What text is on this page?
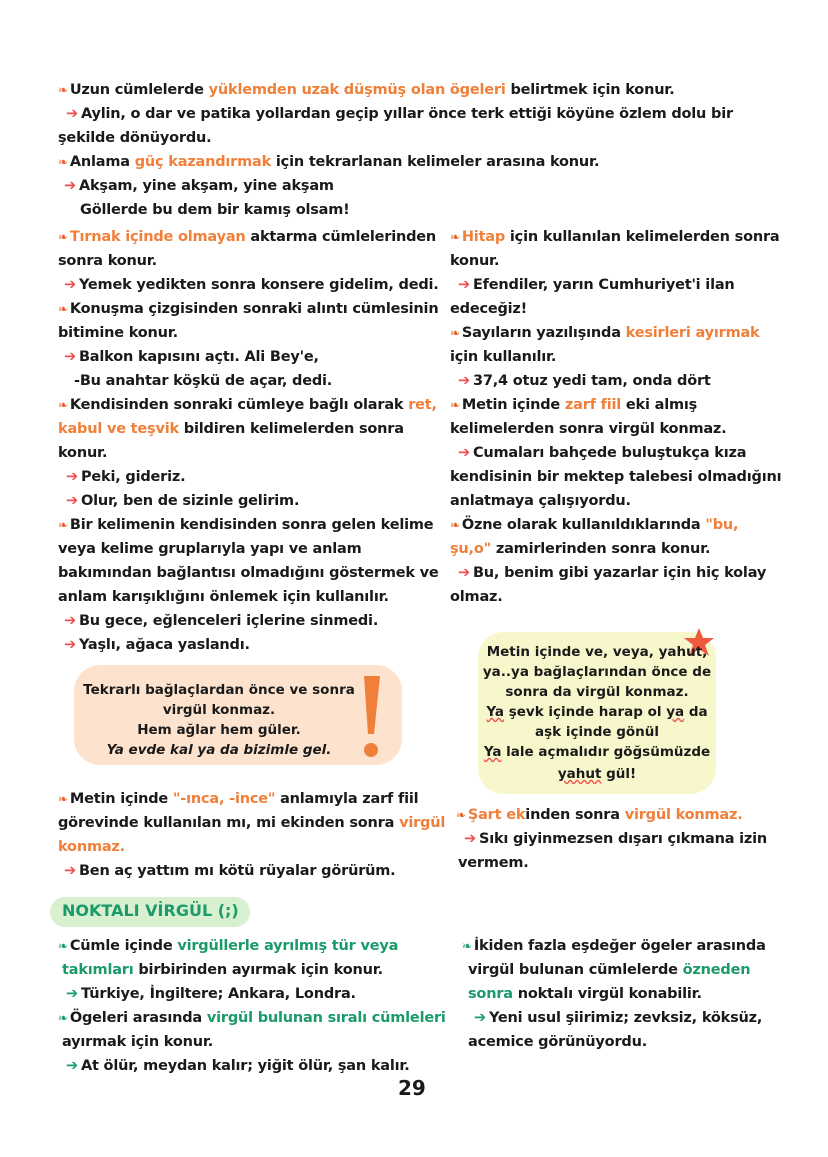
❧ Uzun cümlelerde yüklemden uzak düşmüş olan ögeleri belirtmek için konur.
➔ Aylin, o dar ve patika yollardan geçip yıllar önce terk ettiği köyüne özlem dolu bir
şekilde dönüyordu.
❧ Anlama güç kazandırmak için tekrarlanan kelimeler arasına konur.
➔ Akşam, yine akşam, yine akşam
Göllerde bu dem bir kamış olsam!
❧ Tırnak içinde olmayan aktarma cümlelerinden
sonra konur.
➔ Yemek yedikten sonra konsere gidelim, dedi.
❧ Konuşma çizgisinden sonraki alıntı cümlesinin
bitimine konur.
➔ Balkon kapısını açtı. Ali Bey'e,
-Bu anahtar köşkü de açar, dedi.
❧ Kendisinden sonraki cümleye bağlı olarak ret,
kabul ve teşvik bildiren kelimelerden sonra
konur.
➔ Peki, gideriz.
➔ Olur, ben de sizinle gelirim.
❧ Bir kelimenin kendisinden sonra gelen kelime
veya kelime gruplarıyla yapı ve anlam
bakımından bağlantısı olmadığını göstermek ve
anlam karışıklığını önlemek için kullanılır.
➔ Bu gece, eğlenceleri içlerine sinmedi.
➔ Yaşlı, ağaca yaslandı.
Tekrarlı bağlaçlardan önce ve sonra
virgül konmaz.
Hem ağlar hem güler.
Ya evde kal ya da bizimle gel.
❧ Metin içinde "-ınca, -ince" anlamıyla zarf fiil
görevinde kullanılan mı, mi ekinden sonra virgül
konmaz.
➔ Ben aç yattım mı kötü rüyalar görürüm.
❧ Hitap için kullanılan kelimelerden sonra
konur.
➔ Efendiler, yarın Cumhuriyet'i ilan
edeceğiz!
❧ Sayıların yazılışında kesirleri ayırmak
için kullanılır.
➔ 37,4 otuz yedi tam, onda dört
❧ Metin içinde zarf fiil eki almış
kelimelerden sonra virgül konmaz.
➔ Cumaları bahçede buluştukça kıza
kendisinin bir mektep talebesi olmadığını
anlatmaya çalışıyordu.
❧ Özne olarak kullanıldıklarında "bu,
şu,o" zamirlerinden sonra konur.
➔ Bu, benim gibi yazarlar için hiç kolay
olmaz.
Metin içinde ve, veya, yahut,
ya..ya bağlaçlarından önce de
sonra da virgül konmaz.
Ya şevk içinde harap ol ya da
aşk içinde gönül
Ya lale açmalıdır göğsümüzde
yahut gül!
❧ Şart ekinden sonra virgül konmaz.
➔ Sıkı giyinmezsen dışarı çıkmana izin
vermem.
NOKTALI VİRGÜL (;)
❧ Cümle içinde virgüllerle ayrılmış tür veya
takımları birbirinden ayırmak için konur.
➔ Türkiye, İngiltere; Ankara, Londra.
❧ Ögeleri arasında virgül bulunan sıralı cümleleri
ayırmak için konur.
➔ At ölür, meydan kalır; yiğit ölür, şan kalır.
❧ İkiden fazla eşdeğer ögeler arasında
virgül bulunan cümlelerde özneden
sonra noktalı virgül konabilir.
➔ Yeni usul şiirimiz; zevksiz, köksüz,
acemice görünüyordu.
29
